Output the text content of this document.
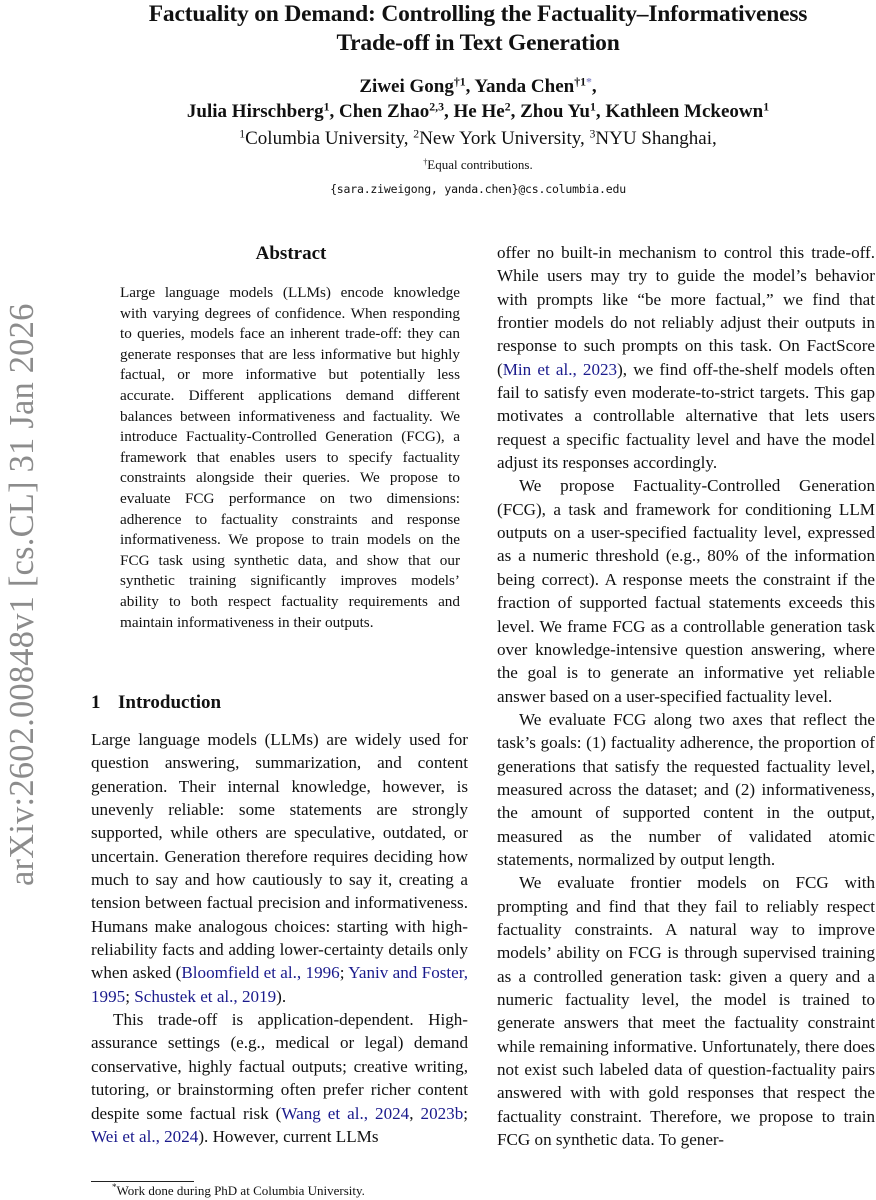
arXiv:2602.00848v1 [cs.CL] 31 Jan 2026
Factuality on Demand: Controlling the Factuality–Informativeness
Trade-off in Text Generation
Ziwei Gong$^{\dagger 1}$, Yanda Chen$^{\dagger 1*}$,
Julia Hirschberg$^1$, Chen Zhao$^{2,3}$, He He$^2$, Zhou Yu$^1$, Kathleen Mckeown$^1$
$^1$Columbia University, $^2$New York University, $^3$NYU Shanghai,
†Equal contributions.
{sara.ziweigong, yanda.chen}@cs.columbia.edu
Abstract
Large language models (LLMs) encode knowledge with varying degrees of confidence. When responding to queries, models face an inherent trade-off: they can generate responses that are less informative but highly factual, or more informative but potentially less accurate. Different applications demand different balances between informativeness and factuality. We introduce Factuality-Controlled Generation (FCG), a framework that enables users to specify factuality constraints alongside their queries. We propose to evaluate FCG performance on two dimensions: adherence to factuality constraints and response informativeness. We propose to train models on the FCG task using synthetic data, and show that our synthetic training significantly improves models’ ability to both respect factuality requirements and maintain informativeness in their outputs.
1 Introduction

Large language models (LLMs) are widely used for question answering, summarization, and content generation. Their internal knowledge, however, is unevenly reliable: some statements are strongly supported, while others are speculative, outdated, or uncertain. Generation therefore requires deciding how much to say and how cautiously to say it, creating a tension between factual precision and informativeness. Humans make analogous choices: starting with high-reliability facts and adding lower-certainty details only when asked (Bloomfield et al., 1996; Yaniv and Foster, 1995; Schustek et al., 2019).

This trade-off is application-dependent. High-assurance settings (e.g., medical or legal) demand conservative, highly factual outputs; creative writing, tutoring, or brainstorming often prefer richer content despite some factual risk (Wang et al., 2024, 2023b; Wei et al., 2024). However, current LLMs

offer no built-in mechanism to control this trade-off. While users may try to guide the model’s behavior with prompts like “be more factual,” we find that frontier models do not reliably adjust their outputs in response to such prompts on this task. On FactScore (Min et al., 2023), we find off-the-shelf models often fail to satisfy even moderate-to-strict targets. This gap motivates a controllable alternative that lets users request a specific factuality level and have the model adjust its responses accordingly.

We propose Factuality-Controlled Generation (FCG), a task and framework for conditioning LLM outputs on a user-specified factuality level, expressed as a numeric threshold (e.g., 80% of the information being correct). A response meets the constraint if the fraction of supported factual statements exceeds this level. We frame FCG as a controllable generation task over knowledge-intensive question answering, where the goal is to generate an informative yet reliable answer based on a user-specified factuality level.

We evaluate FCG along two axes that reflect the task’s goals: (1) factuality adherence, the proportion of generations that satisfy the requested factuality level, measured across the dataset; and (2) informativeness, the amount of supported content in the output, measured as the number of validated atomic statements, normalized by output length.

We evaluate frontier models on FCG with prompting and find that they fail to reliably respect factuality constraints. A natural way to improve models’ ability on FCG is through supervised training as a controlled generation task: given a query and a numeric factuality level, the model is trained to generate answers that meet the factuality constraint while remaining informative. Unfortunately, there does not exist such labeled data of question-factuality pairs answered with with gold responses that respect the factuality constraint. Therefore, we propose to train FCG on synthetic data. To gener-

*Work done during PhD at Columbia University.
